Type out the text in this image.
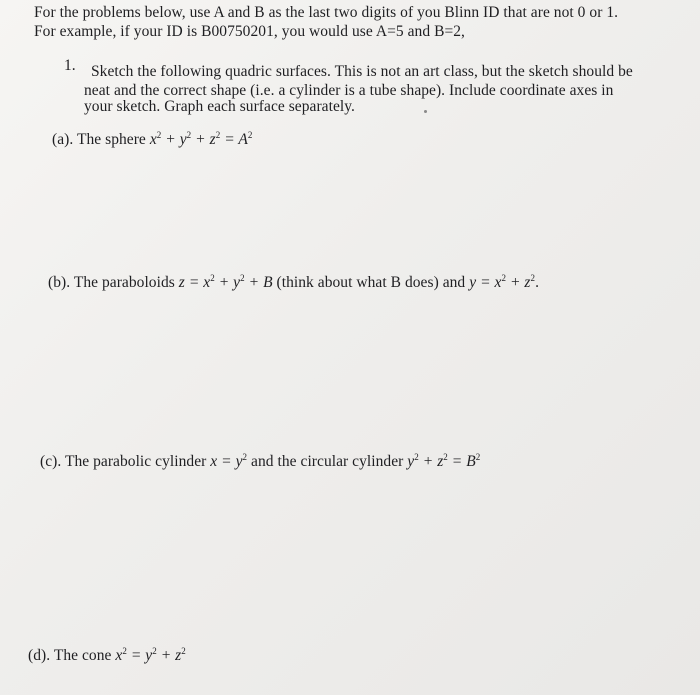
For the problems below, use A and B as the last two digits of you Blinn ID that are not 0 or 1.
For example, if your ID is B00750201, you would use A=5 and B=2,
1. Sketch the following quadric surfaces. This is not an art class, but the sketch should be
neat and the correct shape (i.e. a cylinder is a tube shape). Include coordinate axes in
your sketch. Graph each surface separately.
(a). The sphere $x^2 + y^2 + z^2 = A^2$
(b). The paraboloids $z = x^2 + y^2 + B$ (think about what B does) and $y = x^2 + z^2$.
(c). The parabolic cylinder $x = y^2$ and the circular cylinder $y^2 + z^2 = B^2$
(d). The cone $x^2 = y^2 + z^2$
